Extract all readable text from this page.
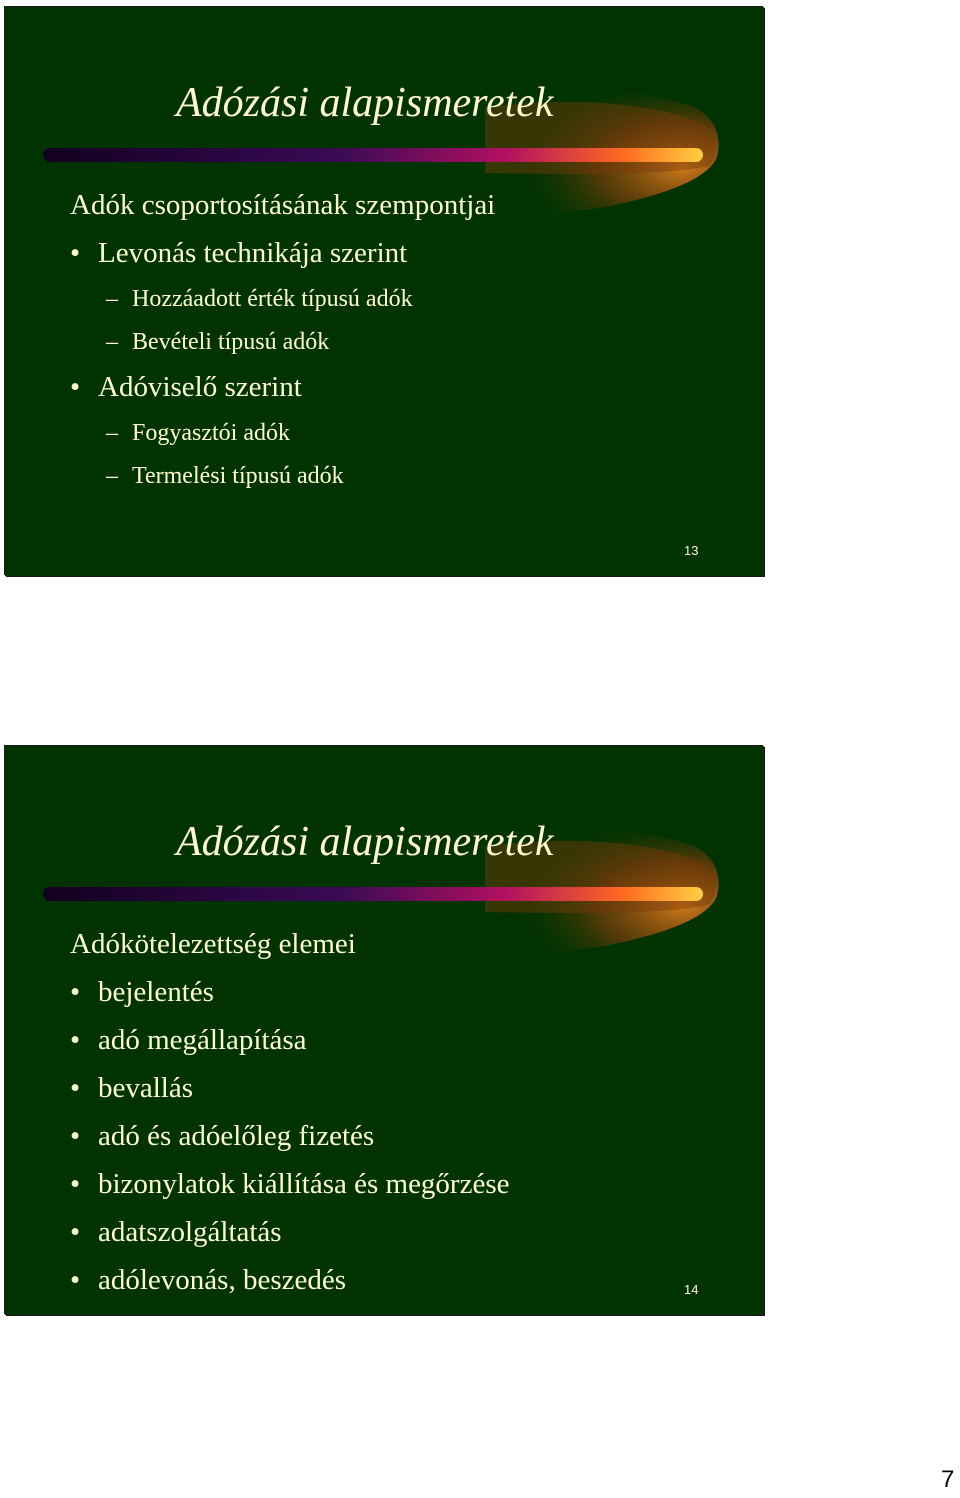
Adózási alapismeretek
Adók csoportosításának szempontjai
• Levonás technikája szerint
– Hozzáadott érték típusú adók
– Bevételi típusú adók
• Adóviselő szerint
– Fogyasztói adók
– Termelési típusú adók
13
Adózási alapismeretek
Adókötelezettség elemei
• bejelentés
• adó megállapítása
• bevallás
• adó és adóelőleg fizetés
• bizonylatok kiállítása és megőrzése
• adatszolgáltatás
• adólevonás, beszedés	14
7
